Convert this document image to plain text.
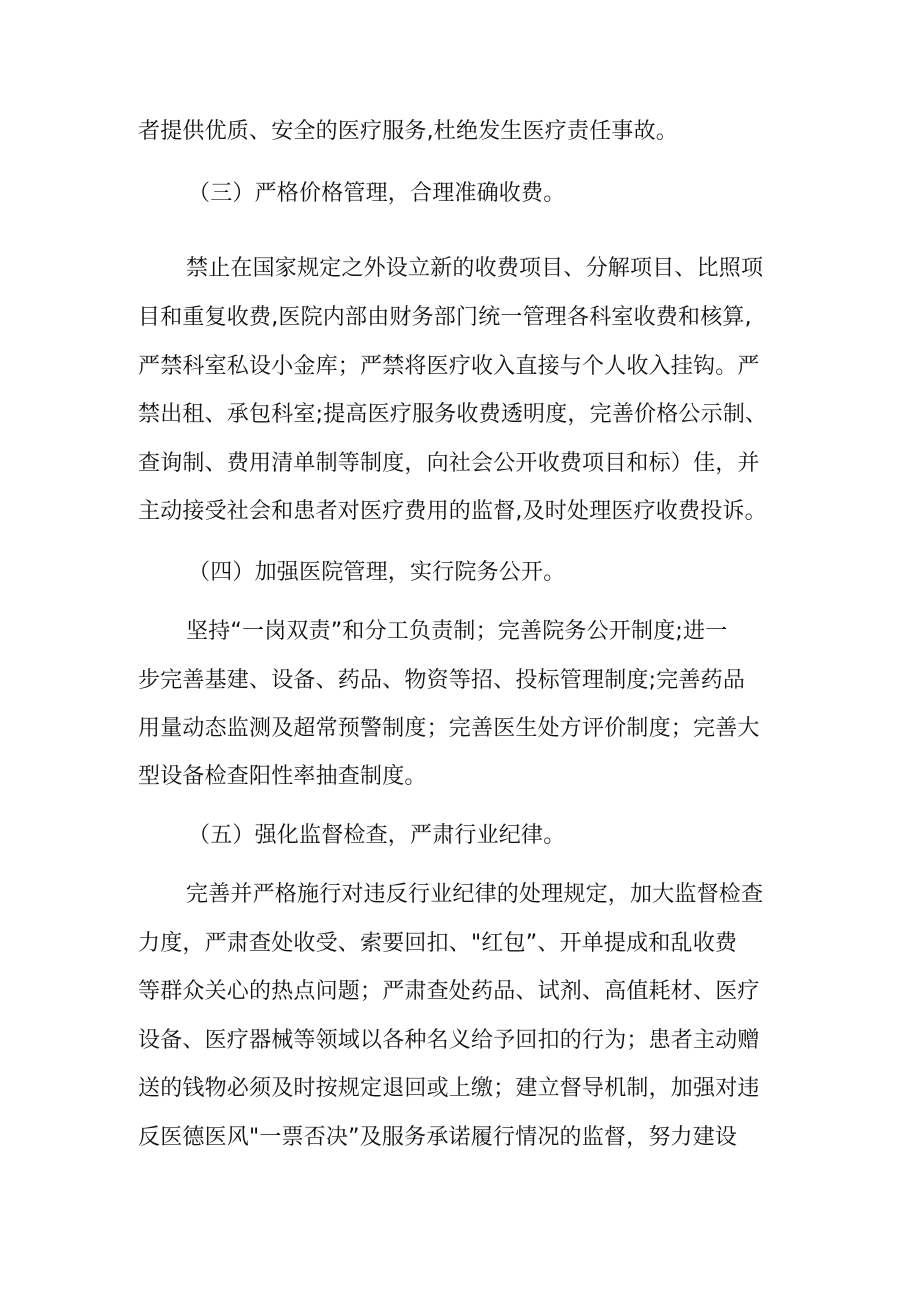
者提供优质、安全的医疗服务,杜绝发生医疗责任事故。
（三）严格价格管理，合理准确收费。
禁止在国家规定之外设立新的收费项目、分解项目、比照项
目和重复收费,医院内部由财务部门统一管理各科室收费和核算,
严禁科室私设小金库；严禁将医疗收入直接与个人收入挂钩。严
禁出租、承包科室;提高医疗服务收费透明度，完善价格公示制、
查询制、费用清单制等制度，向社会公开收费项目和标）佳，并
主动接受社会和患者对医疗费用的监督,及时处理医疗收费投诉。
（四）加强医院管理，实行院务公开。
坚持“一岗双责”和分工负责制；完善院务公开制度;进一
步完善基建、设备、药品、物资等招、投标管理制度;完善药品
用量动态监测及超常预警制度；完善医生处方评价制度；完善大
型设备检查阳性率抽查制度。
（五）强化监督检查，严肃行业纪律。
完善并严格施行对违反行业纪律的处理规定，加大监督检查
力度，严肃查处收受、索要回扣、"红包”、开单提成和乱收费
等群众关心的热点问题；严肃查处药品、试剂、高值耗材、医疗
设备、医疗器械等领域以各种名义给予回扣的行为；患者主动赠
送的钱物必须及时按规定退回或上缴；建立督导机制，加强对违
反医德医风"一票否决”及服务承诺履行情况的监督，努力建设
